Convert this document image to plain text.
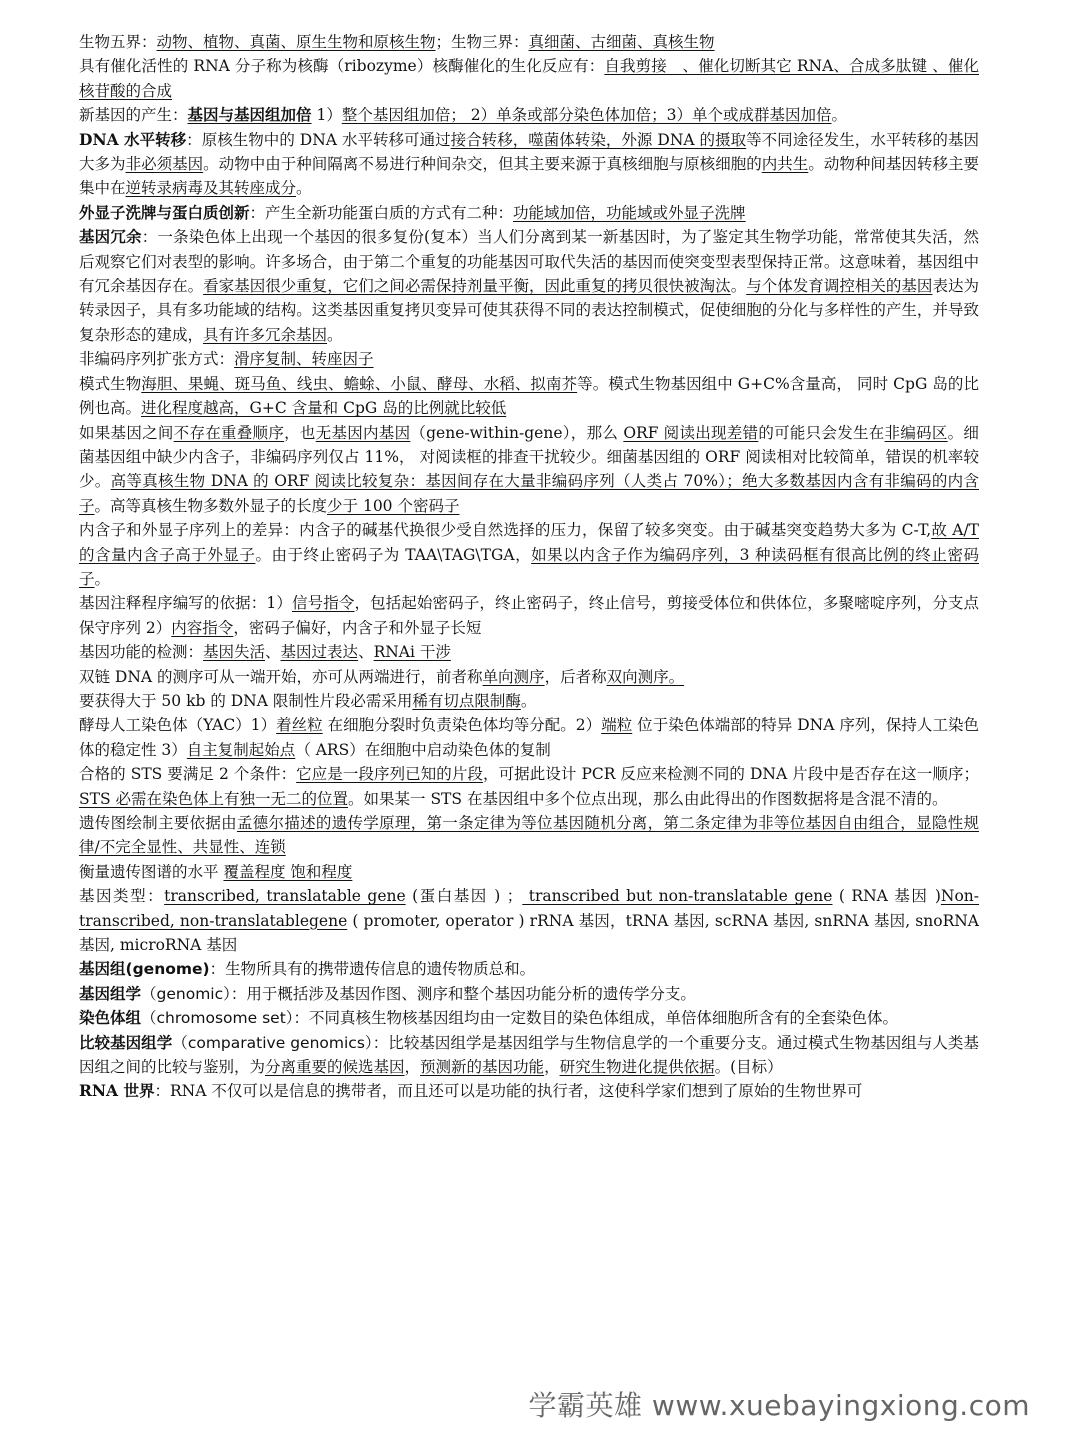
生物五界：动物、植物、真菌、原生生物和原核生物；生物三界：真细菌、古细菌、真核生物

具有催化活性的 RNA 分子称为核酶（ribozyme）核酶催化的生化反应有：自我剪接　、催化切断其它 RNA、合成多肽键 、催化核苷酸的合成

新基因的产生：基因与基因组加倍 1）整个基因组加倍； 2）单条或部分染色体加倍；3）单个或成群基因加倍。

DNA 水平转移：原核生物中的 DNA 水平转移可通过接合转移，噬菌体转染，外源 DNA 的摄取等不同途径发生，水平转移的基因大多为非必须基因。动物中由于种间隔离不易进行种间杂交，但其主要来源于真核细胞与原核细胞的内共生。动物种间基因转移主要集中在逆转录病毒及其转座成分。

外显子洗牌与蛋白质创新：产生全新功能蛋白质的方式有二种：功能域加倍，功能域或外显子洗牌

基因冗余：一条染色体上出现一个基因的很多复份(复本）当人们分离到某一新基因时，为了鉴定其生物学功能，常常使其失活，然后观察它们对表型的影响。许多场合，由于第二个重复的功能基因可取代失活的基因而使突变型表型保持正常。这意味着，基因组中有冗余基因存在。看家基因很少重复，它们之间必需保持剂量平衡，因此重复的拷贝很快被淘汰。与个体发育调控相关的基因表达为转录因子，具有多功能域的结构。这类基因重复拷贝变异可使其获得不同的表达控制模式，促使细胞的分化与多样性的产生，并导致复杂形态的建成，具有许多冗余基因。

非编码序列扩张方式：滑序复制、转座因子

模式生物海胆、果蝇、斑马鱼、线虫、蟾蜍、小鼠、酵母、水稻、拟南芥等。模式生物基因组中 G+C%含量高， 同时 CpG 岛的比例也高。进化程度越高，G+C 含量和 CpG 岛的比例就比较低

如果基因之间不存在重叠顺序，也无基因内基因（gene-within-gene），那么 ORF 阅读出现差错的可能只会发生在非编码区。细菌基因组中缺少内含子，非编码序列仅占 11%， 对阅读框的排查干扰较少。细菌基因组的 ORF 阅读相对比较简单，错误的机率较少。高等真核生物 DNA 的 ORF 阅读比较复杂：基因间存在大量非编码序列（人类占 70%）；绝大多数基因内含有非编码的内含子。高等真核生物多数外显子的长度少于 100 个密码子

内含子和外显子序列上的差异：内含子的碱基代换很少受自然选择的压力，保留了较多突变。由于碱基突变趋势大多为 C-T,故 A/T 的含量内含子高于外显子。由于终止密码子为 TAA\TAG\TGA，如果以内含子作为编码序列，3 种读码框有很高比例的终止密码子。

基因注释程序编写的依据：1）信号指令，包括起始密码子，终止密码子，终止信号，剪接受体位和供体位，多聚嘧啶序列，分支点保守序列 2）内容指令，密码子偏好，内含子和外显子长短

基因功能的检测：基因失活、基因过表达、RNAi 干涉

双链 DNA 的测序可从一端开始，亦可从两端进行，前者称单向测序，后者称双向测序。

要获得大于 50 kb 的 DNA 限制性片段必需采用稀有切点限制酶。

酵母人工染色体（YAC）1）着丝粒 在细胞分裂时负责染色体均等分配。2）端粒 位于染色体端部的特异 DNA 序列，保持人工染色体的稳定性 3）自主复制起始点（ ARS）在细胞中启动染色体的复制

合格的 STS 要满足 2 个条件：它应是一段序列已知的片段，可据此设计 PCR 反应来检测不同的 DNA 片段中是否存在这一顺序；STS 必需在染色体上有独一无二的位置。如果某一 STS 在基因组中多个位点出现，那么由此得出的作图数据将是含混不清的。

遗传图绘制主要依据由孟德尔描述的遗传学原理，第一条定律为等位基因随机分离，第二条定律为非等位基因自由组合，显隐性规律/不完全显性、共显性、连锁

衡量遗传图谱的水平 覆盖程度 饱和程度

基因类型：transcribed, translatable gene (蛋白基因 ) ； transcribed but non-translatable gene ( RNA 基因 )Non-transcribed, non-translatablegene ( promoter, operator ) rRNA 基因，tRNA 基因, scRNA 基因, snRNA 基因, snoRNA 基因, microRNA 基因

基因组(genome)：生物所具有的携带遗传信息的遗传物质总和。

基因组学（genomic）：用于概括涉及基因作图、测序和整个基因功能分析的遗传学分支。

染色体组（chromosome set）：不同真核生物核基因组均由一定数目的染色体组成，单倍体细胞所含有的全套染色体。

比较基因组学（comparative genomics）：比较基因组学是基因组学与生物信息学的一个重要分支。通过模式生物基因组与人类基因组之间的比较与鉴别，为分离重要的候选基因，预测新的基因功能，研究生物进化提供依据。(目标）

RNA 世界：RNA 不仅可以是信息的携带者，而且还可以是功能的执行者，这使科学家们想到了原始的生物世界可

学霸英雄 www.xuebayingxiong.com
